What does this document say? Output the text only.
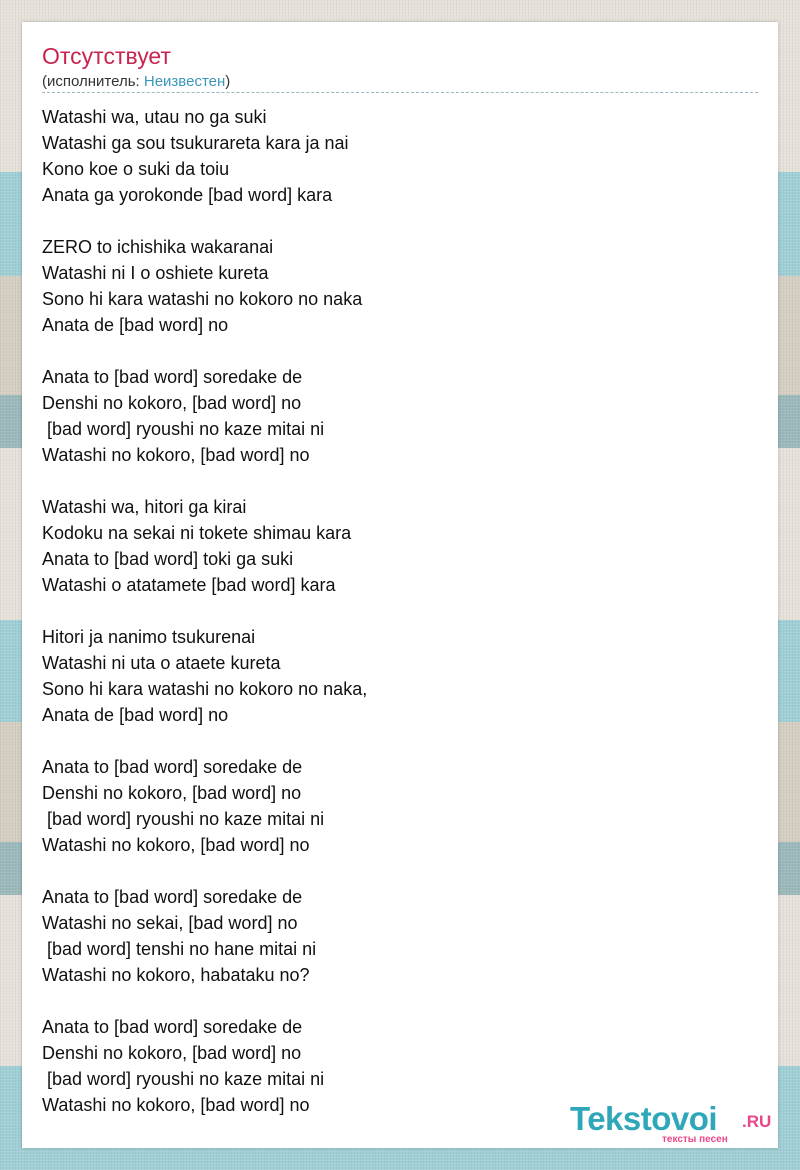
Отсутствует
(исполнитель: Неизвестен)
Watashi wa, utau no ga suki
Watashi ga sou tsukurareta kara ja nai
Kono koe o suki da toiu
Anata ga yorokonde [bad word] kara
ZERO to ichishika wakaranai
Watashi ni I o oshiete kureta
Sono hi kara watashi no kokoro no naka
Anata de [bad word] no
Anata to [bad word] soredake de
Denshi no kokoro, [bad word] no
[bad word] ryoushi no kaze mitai ni
Watashi no kokoro, [bad word] no
Watashi wa, hitori ga kirai
Kodoku na sekai ni tokete shimau kara
Anata to [bad word] toki ga suki
Watashi o atatamete [bad word] kara
Hitori ja nanimo tsukurenai
Watashi ni uta o ataete kureta
Sono hi kara watashi no kokoro no naka,
Anata de [bad word] no
Anata to [bad word] soredake de
Denshi no kokoro, [bad word] no
[bad word] ryoushi no kaze mitai ni
Watashi no kokoro, [bad word] no
Anata to [bad word] soredake de
Watashi no sekai, [bad word] no
[bad word] tenshi no hane mitai ni
Watashi no kokoro, habataku no?
Anata to [bad word] soredake de
Denshi no kokoro, [bad word] no
[bad word] ryoushi no kaze mitai ni
Watashi no kokoro, [bad word] no	Tekstovoi .RU
тексты песен
